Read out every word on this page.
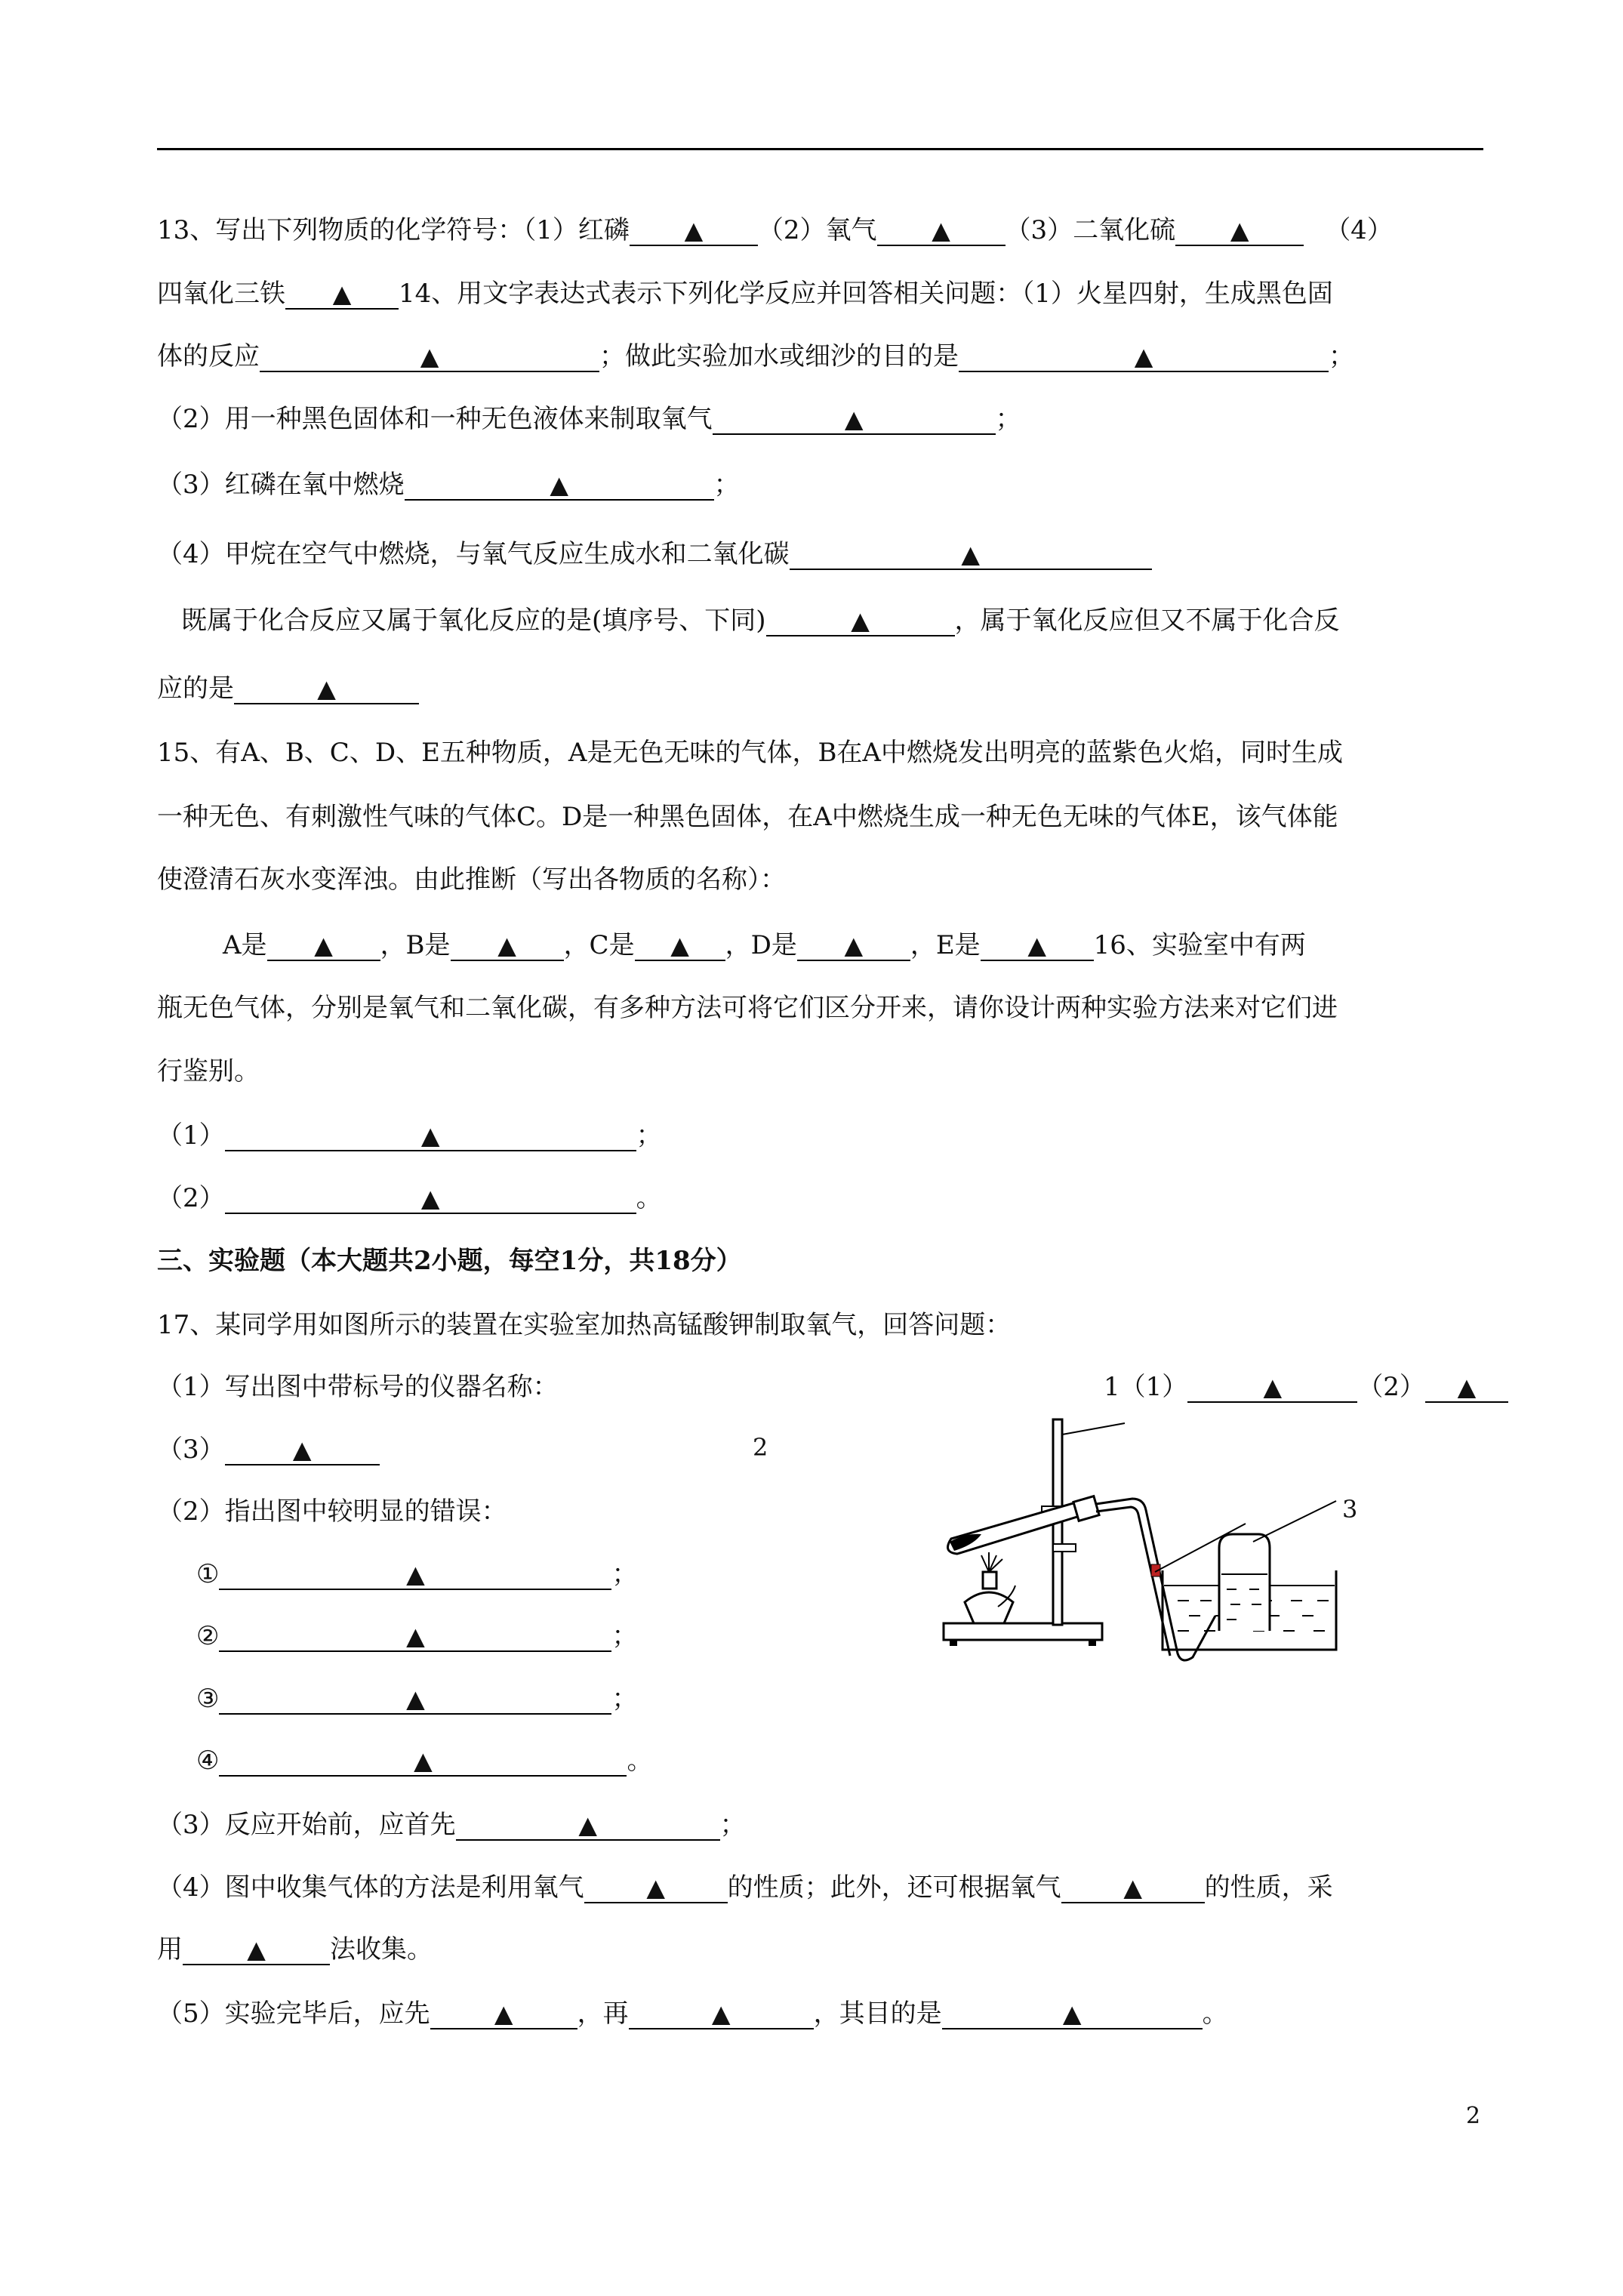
13、写出下列物质的化学符号：（1）红磷 ▲ （2）氧气 ▲ （3）二氧化硫 ▲	（4）
四氧化三铁 ▲ 14、用文字表达式表示下列化学反应并回答相关问题：（1）火星四射，生成黑色固
体的反应	▲	；做此实验加水或细沙的目的是	▲	；
（2）用一种黑色固体和一种无色液体来制取氧气	▲	；
（3）红磷在氧中燃烧	▲	；
（4）甲烷在空气中燃烧，与氧气反应生成水和二氧化碳	▲
既属于化合反应又属于氧化反应的是(填序号、下同)	▲	，属于氧化反应但又不属于化合反
应的是	▲
15、有A、B、C、D、E五种物质，A是无色无味的气体，B在A中燃烧发出明亮的蓝紫色火焰，同时生成
一种无色、有刺激性气味的气体C。D是一种黑色固体，在A中燃烧生成一种无色无味的气体E，该气体能
使澄清石灰水变浑浊。由此推断（写出各物质的名称）：
A是 ▲ ，B是 ▲ ，C是 ▲ ，D是 ▲ ，E是 ▲ 16、实验室中有两
瓶无色气体，分别是氧气和二氧化碳，有多种方法可将它们区分开来，请你设计两种实验方法来对它们进
行鉴别。
（1）	▲	；
（2）	▲	。
三、实验题（本大题共2小题，每空1分，共18分）
17、某同学用如图所示的装置在实验室加热高锰酸钾制取氧气，回答问题：
（1）写出图中带标号的仪器名称：	1（1）	▲	（2） ▲
（3）	▲	2
（2）指出图中较明显的错误：	3
①	▲	；
②	▲	；
③	▲	；
④	▲	。
（3）反应开始前，应首先	▲	；
（4）图中收集气体的方法是利用氧气	▲ 的性质；此外，还可根据氧气	▲ 的性质，采
用	▲	法收集。
（5）实验完毕后，应先	▲	，再	▲	，其目的是	▲	。
2
